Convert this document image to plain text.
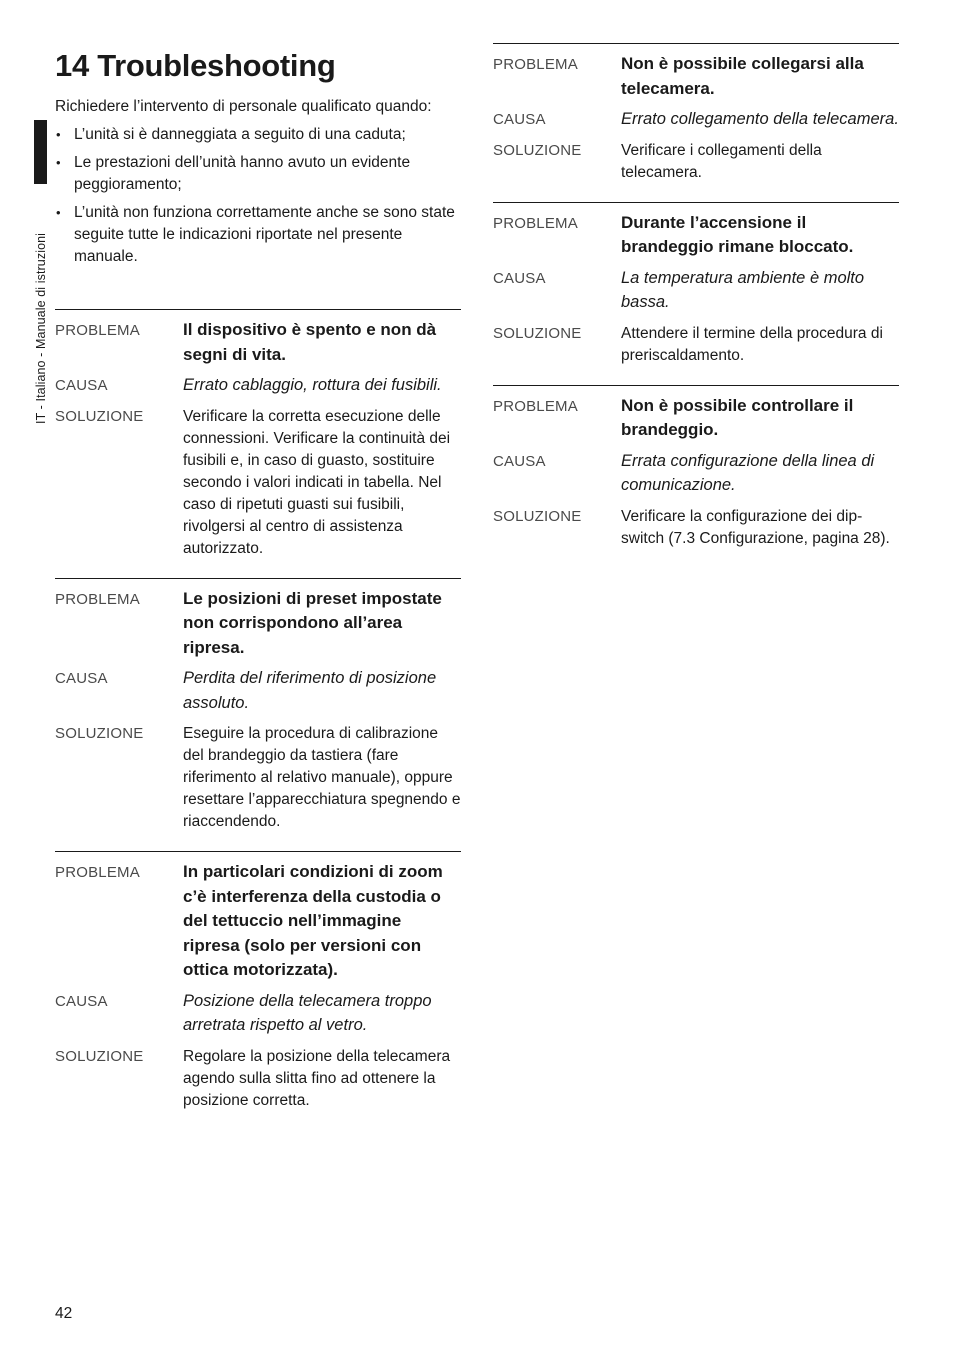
IT - Italiano - Manuale di istruzioni
14 Troubleshooting

Richiedere l’intervento di personale qualificato quando:

• L’unità si è danneggiata a seguito di una caduta;
• Le prestazioni dell’unità hanno avuto un evidente peggioramento;
• L’unità non funziona correttamente anche se sono state seguite tutte le indicazioni riportate nel presente manuale.
PROBLEMA	Il dispositivo è spento e non dà segni di vita.
CAUSA	Errato cablaggio, rottura dei fusibili.
SOLUZIONE	Verificare la corretta esecuzione delle connessioni. Verificare la continuità dei fusibili e, in caso di guasto, sostituire secondo i valori indicati in tabella. Nel caso di ripetuti guasti sui fusibili, rivolgersi al centro di assistenza autorizzato.
PROBLEMA	Le posizioni di preset impostate non corrispondono all’area ripresa.
CAUSA	Perdita del riferimento di posizione assoluto.
SOLUZIONE	Eseguire la procedura di calibrazione del brandeggio da tastiera (fare riferimento al relativo manuale), oppure resettare l’apparecchiatura spegnendo e riaccendendo.
PROBLEMA	In particolari condizioni di zoom c’è interferenza della custodia o del tettuccio nell’immagine ripresa (solo per versioni con ottica motorizzata).
CAUSA	Posizione della telecamera troppo arretrata rispetto al vetro.
SOLUZIONE	Regolare la posizione della telecamera agendo sulla slitta fino ad ottenere la posizione corretta.
PROBLEMA	Non è possibile collegarsi alla telecamera.
CAUSA	Errato collegamento della telecamera.
SOLUZIONE	Verificare i collegamenti della telecamera.
PROBLEMA	Durante l’accensione il brandeggio rimane bloccato.
CAUSA	La temperatura ambiente è molto bassa.
SOLUZIONE	Attendere il termine della procedura di preriscaldamento.
PROBLEMA	Non è possibile controllare il brandeggio.
CAUSA	Errata configurazione della linea di comunicazione.
SOLUZIONE	Verificare la configurazione dei dip-switch (7.3 Configurazione, pagina 28).
42
